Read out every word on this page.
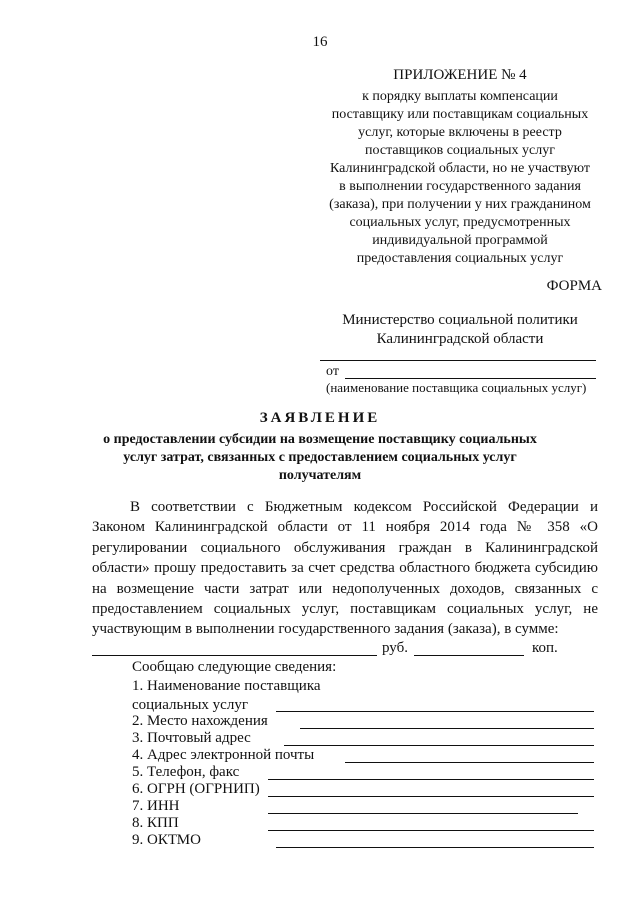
16
ПРИЛОЖЕНИЕ № 4
к порядку выплаты компенсации
поставщику или поставщикам социальных
услуг, которые включены в реестр
поставщиков социальных услуг
Калининградской области, но не участвуют
в выполнении государственного задания
(заказа), при получении у них гражданином
социальных услуг, предусмотренных
индивидуальной программой
предоставления социальных услуг
ФОРМА
Министерство социальной политики
Калининградской области
от
(наименование поставщика социальных услуг)
ЗАЯВЛЕНИЕ
о предоставлении субсидии на возмещение поставщику социальных
услуг затрат, связанных с предоставлением социальных услуг
получателям
В соответствии с Бюджетным кодексом Российской Федерации и Законом Калининградской области от 11 ноября 2014 года № 358 «О регулировании социального обслуживания граждан в Калининградской области» прошу предоставить за счет средства областного бюджета субсидию на возмещение части затрат или недополученных доходов, связанных с предоставлением социальных услуг, поставщикам социальных услуг, не участвующим в выполнении государственного задания (заказа), в сумме:
руб.	коп.
Сообщаю следующие сведения:
1. Наименование поставщика
социальных услуг
2. Место нахождения
3. Почтовый адрес
4. Адрес электронной почты
5. Телефон, факс
6. ОГРН (ОГРНИП)
7. ИНН
8. КПП
9. ОКТМО
